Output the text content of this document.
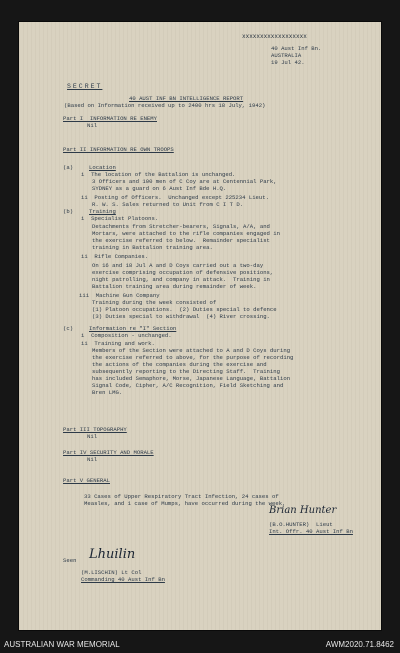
xxxxxxxxxxxxxxxxxx
40 Aust Inf Bn.
AUSTRALIA
19 Jul 42.
SECRET
40 AUST INF BN INTELLIGENCE REPORT
(Based on Information received up to 2400 hrs 18 July, 1942)
Part I  INFORMATION RE ENEMY
Nil
Part II INFORMATION RE OWN TROOPS
(a)	Location
i  The location of the Battalion is unchanged.
3 Officers and 100 men of C Coy are at Centennial Park,
SYDNEY as a guard on 6 Aust Inf Bde H.Q.
ii  Posting of Officers.  Unchanged except 225234 Lieut.
R. W. S. Sales returned to Unit from C I T D.
(b)	Training
i  Specialist Platoons.
Detachments from Stretcher-bearers, Signals, A/A, and
Mortars, were attached to the rifle companies engaged in
the exercise referred to below.  Remainder specialist
training in Battalion training area.
ii  Rifle Companies.
On 16 and 18 Jul A and D Coys carried out a two-day
exercise comprising occupation of defensive positions,
night patrolling, and company in attack.  Training in
Battalion training area during remainder of week.
iii  Machine Gun Company
Training during the week consisted of
(1) Platoon occupations.  (2) Duties special to defence
(3) Duties special to withdrawal  (4) River crossing.
(c)	Information re "I" Section
i  Composition - unchanged.
ii  Training and work.
Members of the Section were attached to A and D Coys during
the exercise referred to above, for the purpose of recording
the actions of the companies during the exercise and
subsequently reporting to the Directing Staff.  Training
has included Semaphore, Morse, Japanese Language, Battalion
Signal Code, Cipher, A/C Recognition, Field Sketching and
Bren LMG.
Part III TOPOGRAPHY
Nil
Part IV SECURITY AND MORALE
Nil
Part V GENERAL
33 Cases of Upper Respiratory Tract Infection, 24 cases of
Measles, and 1 case of Mumps, have occurred during the week.
Brian Hunter
(B.O.HUNTER)  Lieut
Int. Offr. 40 Aust Inf Bn
Lhuilin
Seen
(M.LISCHIN) Lt Col
Commanding 40 Aust Inf Bn
AUSTRALIAN WAR MEMORIAL	AWM2020.71.8462
